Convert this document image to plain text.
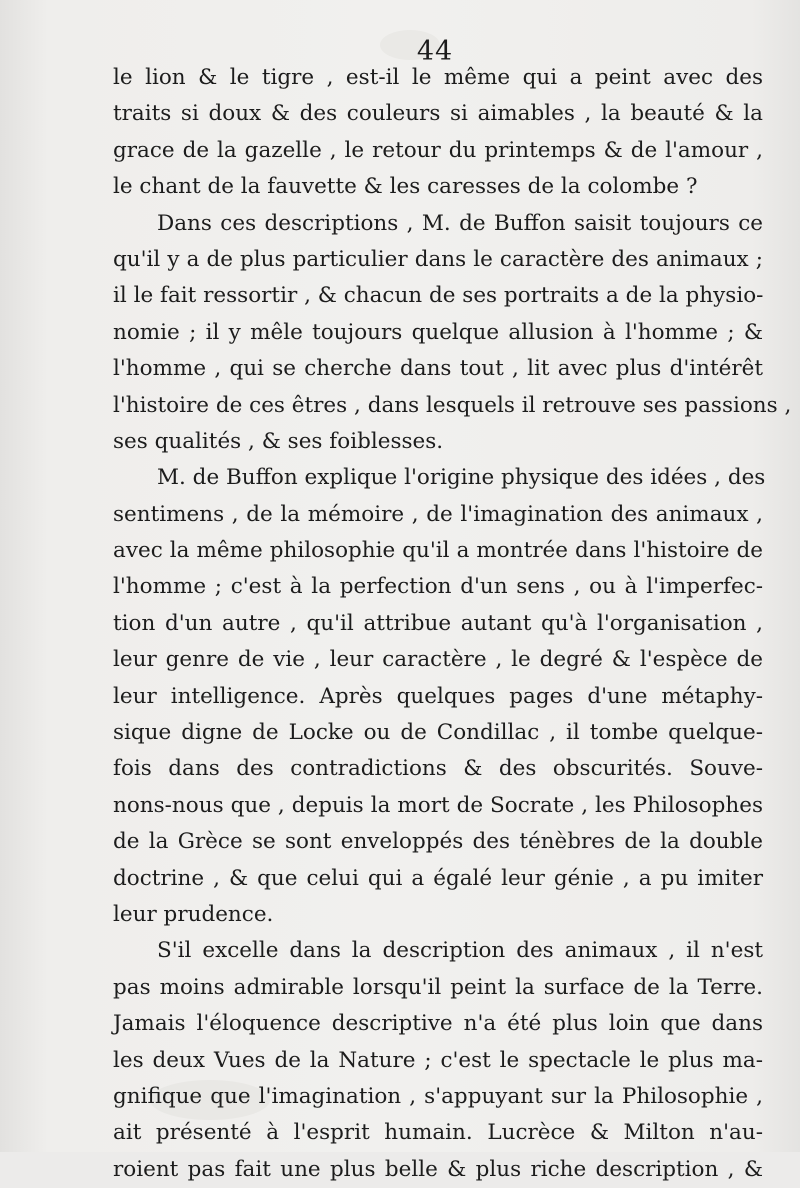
44
le lion & le tigre , est-il le même qui a peint avec des
traits si doux & des couleurs si aimables , la beauté & la
grace de la gazelle , le retour du printemps & de l'amour ,
le chant de la fauvette & les caresses de la colombe ?
Dans ces descriptions , M. de Buffon saisit toujours ce
qu'il y a de plus particulier dans le caractère des animaux ;
il le fait ressortir , & chacun de ses portraits a de la physio-
nomie ; il y mêle toujours quelque allusion à l'homme ; &
l'homme , qui se cherche dans tout , lit avec plus d'intérêt
l'histoire de ces êtres , dans lesquels il retrouve ses passions ,
ses qualités , & ses foiblesses.
M. de Buffon explique l'origine physique des idées , des
sentimens , de la mémoire , de l'imagination des animaux ,
avec la même philosophie qu'il a montrée dans l'histoire de
l'homme ; c'est à la perfection d'un sens , ou à l'imperfec-
tion d'un autre , qu'il attribue autant qu'à l'organisation ,
leur genre de vie , leur caractère , le degré & l'espèce de
leur intelligence. Après quelques pages d'une métaphy-
sique digne de Locke ou de Condillac , il tombe quelque-
fois dans des contradictions & des obscurités. Souve-
nons-nous que , depuis la mort de Socrate , les Philosophes
de la Grèce se sont enveloppés des ténèbres de la double
doctrine , & que celui qui a égalé leur génie , a pu imiter
leur prudence.
S'il excelle dans la description des animaux , il n'est
pas moins admirable lorsqu'il peint la surface de la Terre.
Jamais l'éloquence descriptive n'a été plus loin que dans
les deux Vues de la Nature ; c'est le spectacle le plus ma-
gnifique que l'imagination , s'appuyant sur la Philosophie ,
ait présenté à l'esprit humain. Lucrèce & Milton n'au-
roient pas fait une plus belle & plus riche description , &
